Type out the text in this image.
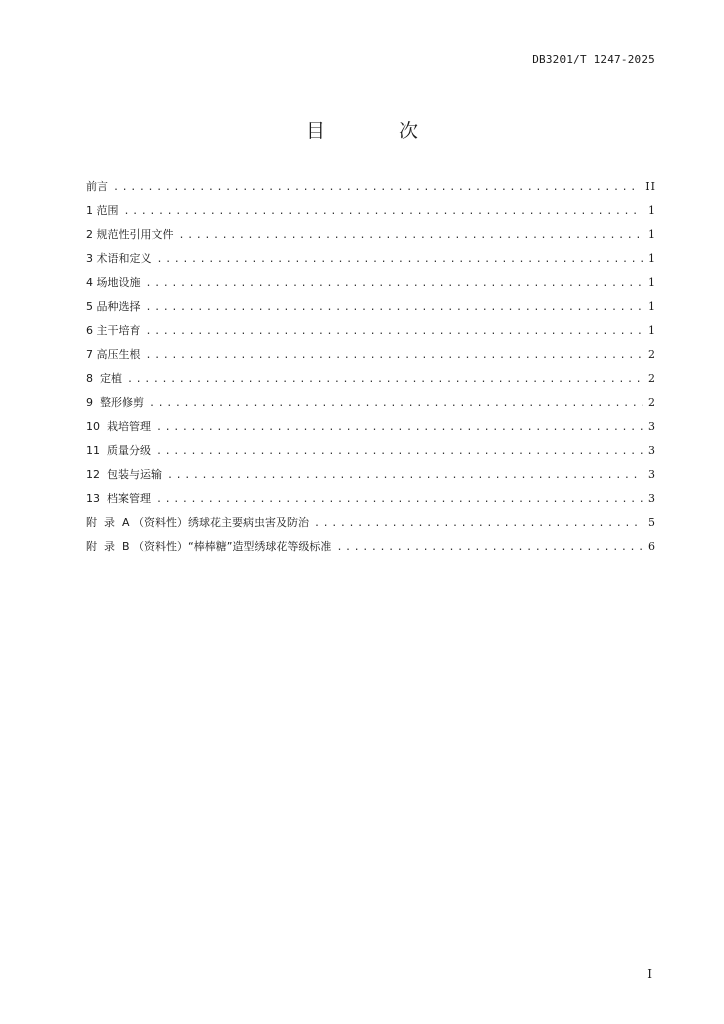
DB3201/T 1247-2025
目 次
前言 .....	II
1 范围 .....	1
2 规范性引用文件 .....	1
3 术语和定义 .....	1
4 场地设施 .....	1
5 品种选择 .....	1
6 主干培育 .....	1
7 高压生根 .....	2
8  定植 .....	2
9  整形修剪 .....	2
10  栽培管理 .....	3
11  质量分级 .....	3
12  包装与运输 .....	3
13  档案管理 .....	3
附  录  A （资料性）绣球花主要病虫害及防治 .....	5
附  录  B （资料性）“棒棒糖”造型绣球花等级标准 .....	6
I
